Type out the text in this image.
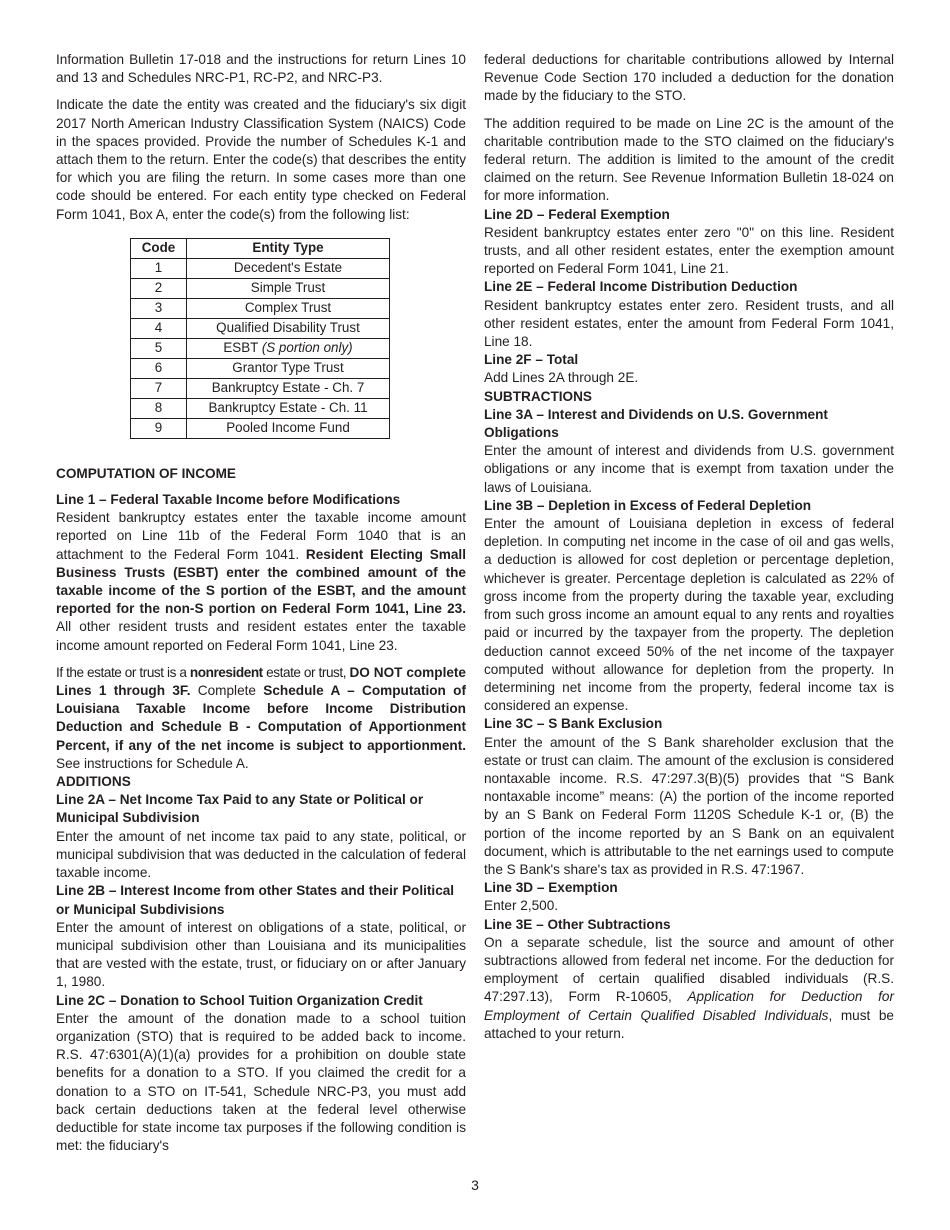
Information Bulletin 17-018 and the instructions for return Lines 10 and 13 and Schedules NRC-P1, RC-P2, and NRC-P3.

Indicate the date the entity was created and the fiduciary's six digit 2017 North American Industry Classification System (NAICS) Code in the spaces provided. Provide the number of Schedules K-1 and attach them to the return. Enter the code(s) that describes the entity for which you are filing the return. In some cases more than one code should be entered. For each entity type checked on Federal Form 1041, Box A, enter the code(s) from the following list:

Code	Entity Type
1	Decedent's Estate
2	Simple Trust
3	Complex Trust
4	Qualified Disability Trust
5	ESBT (S portion only)
6	Grantor Type Trust
7	Bankruptcy Estate - Ch. 7
8	Bankruptcy Estate - Ch. 11
9	Pooled Income Fund

COMPUTATION OF INCOME

Line 1 – Federal Taxable Income before Modifications

Resident bankruptcy estates enter the taxable income amount reported on Line 11b of the Federal Form 1040 that is an attachment to the Federal Form 1041. Resident Electing Small Business Trusts (ESBT) enter the combined amount of the taxable income of the S portion of the ESBT, and the amount reported for the non-S portion on Federal Form 1041, Line 23. All other resident trusts and resident estates enter the taxable income amount reported on Federal Form 1041, Line 23.

If the estate or trust is a nonresident estate or trust, DO NOT complete Lines 1 through 3F. Complete Schedule A – Computation of Louisiana Taxable Income before Income Distribution Deduction and Schedule B - Computation of Apportionment Percent, if any of the net income is subject to apportionment. See instructions for Schedule A.

ADDITIONS

Line 2A – Net Income Tax Paid to any State or Political or Municipal Subdivision

Enter the amount of net income tax paid to any state, political, or municipal subdivision that was deducted in the calculation of federal taxable income.

Line 2B – Interest Income from other States and their Political or Municipal Subdivisions

Enter the amount of interest on obligations of a state, political, or municipal subdivision other than Louisiana and its municipalities that are vested with the estate, trust, or fiduciary on or after January 1, 1980.

Line 2C – Donation to School Tuition Organization Credit

Enter the amount of the donation made to a school tuition organization (STO) that is required to be added back to income. R.S. 47:6301(A)(1)(a) provides for a prohibition on double state benefits for a donation to a STO. If you claimed the credit for a donation to a STO on IT-541, Schedule NRC-P3, you must add back certain deductions taken at the federal level otherwise deductible for state income tax purposes if the following condition is met: the fiduciary's

federal deductions for charitable contributions allowed by Internal Revenue Code Section 170 included a deduction for the donation made by the fiduciary to the STO.

The addition required to be made on Line 2C is the amount of the charitable contribution made to the STO claimed on the fiduciary's federal return. The addition is limited to the amount of the credit claimed on the return. See Revenue Information Bulletin 18-024 on for more information.

Line 2D – Federal Exemption

Resident bankruptcy estates enter zero "0" on this line. Resident trusts, and all other resident estates, enter the exemption amount reported on Federal Form 1041, Line 21.

Line 2E – Federal Income Distribution Deduction

Resident bankruptcy estates enter zero. Resident trusts, and all other resident estates, enter the amount from Federal Form 1041, Line 18.

Line 2F – Total

Add Lines 2A through 2E.

SUBTRACTIONS

Line 3A – Interest and Dividends on U.S. Government Obligations

Enter the amount of interest and dividends from U.S. government obligations or any income that is exempt from taxation under the laws of Louisiana.

Line 3B – Depletion in Excess of Federal Depletion

Enter the amount of Louisiana depletion in excess of federal depletion. In computing net income in the case of oil and gas wells, a deduction is allowed for cost depletion or percentage depletion, whichever is greater. Percentage depletion is calculated as 22% of gross income from the property during the taxable year, excluding from such gross income an amount equal to any rents and royalties paid or incurred by the taxpayer from the property. The depletion deduction cannot exceed 50% of the net income of the taxpayer computed without allowance for depletion from the property. In determining net income from the property, federal income tax is considered an expense.

Line 3C – S Bank Exclusion

Enter the amount of the S Bank shareholder exclusion that the estate or trust can claim. The amount of the exclusion is considered nontaxable income. R.S. 47:297.3(B)(5) provides that “S Bank nontaxable income” means: (A) the portion of the income reported by an S Bank on Federal Form 1120S Schedule K-1 or, (B) the portion of the income reported by an S Bank on an equivalent document, which is attributable to the net earnings used to compute the S Bank's share's tax as provided in R.S. 47:1967.

Line 3D – Exemption

Enter 2,500.

Line 3E – Other Subtractions

On a separate schedule, list the source and amount of other subtractions allowed from federal net income. For the deduction for employment of certain qualified disabled individuals (R.S. 47:297.13), Form R-10605, Application for Deduction for Employment of Certain Qualified Disabled Individuals, must be attached to your return.

3
